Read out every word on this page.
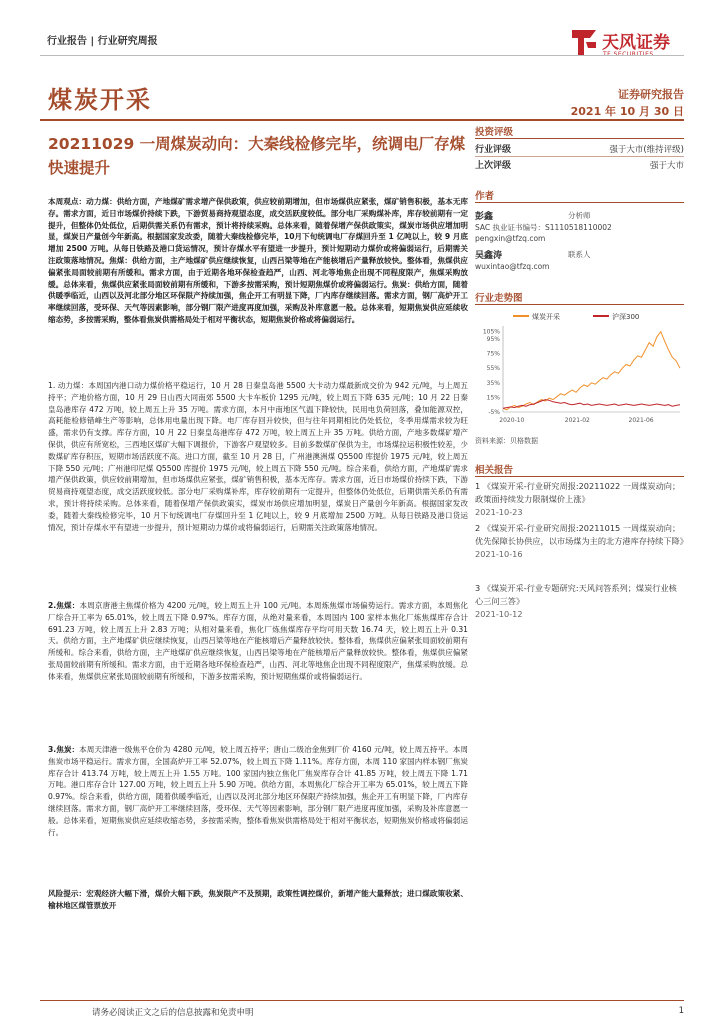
行业报告 | 行业研究周报	天风证券
煤炭开采	证券研究报告
2021 年 10 月 30 日
20211029 一周煤炭动向：大秦线检修完毕，统调电厂存煤快速提升
本周观点：动力煤：供给方面，产地煤矿需求增产保供政策，供应较前期增加，但市场煤供应紧张，煤矿销售积极，基本无库存。需求方面，近日市场煤价持续下跌，下游贸易商持观望态度，成交活跃度较低。部分电厂采购煤补库，库存较前期有一定提升，但整体仍处低位，后期供需关系仍有需求，预计将持续采购。总体来看，随着保增产保供政策实，煤炭市场供应增加明显，煤炭日产量创今年新高。根据国家发改委，随着大秦线检修完毕，10月下旬统调电厂存煤回升至 1 亿吨以上，较 9 月底增加 2500 万吨。从每日铁路及港口货运情况，预计存煤水平有望进一步提升，预计短期动力煤价或将偏弱运行，后期需关注政策落地情况。焦煤：供给方面，主产地煤矿供应继续恢复，山西吕梁等地在产能核增后产量释放较快。整体看，焦煤供应偏紧张局面较前期有所缓和。需求方面，由于近期各地环保检查趋严，山西、河北等地焦企出现不同程度限产，焦煤采购放缓。总体来看，焦煤供应紧张局面较前期有所缓和，下游多按需采购，预计短期焦煤价或将偏弱运行。焦炭：供给方面，随着供暖季临近，山西以及河北部分地区环保限产持续加强，焦企开工有明显下降，厂内库存继续回落。需求方面，钢厂高炉开工率继续回落，受环保、天气等因素影响，部分钢厂限产进度再度加强，采购及补库意愿一般。总体来看，短期焦炭供应延续收缩态势，多按需采购，整体看焦炭供需格局处于相对平衡状态，短期焦炭价格或将偏弱运行。
1. 动力煤：本周国内港口动力煤价格平稳运行，10 月 28 日秦皇岛港 5500 大卡动力煤最新成交价为 942 元/吨，与上周五持平；产地价格方面，10 月 29 日山西大同南郊 5500 大卡车板价 1295 元/吨，较上周五下降 635 元/吨；10 月 22 日秦皇岛港库存 472 万吨，较上周五上升 35 万吨。需求方面，本月中南地区气温下降较快，民用电负荷回落，叠加能源双控，高耗能检修错峰生产等影响，总体用电量出现下降。电厂库存回升较快，但与往年同期相比仍处低位，冬季用煤需求较为旺盛，需求仍有支撑。库存方面，10 月 22 日秦皇岛港库存 472 万吨，较上周五上升 35 万吨。供给方面，产地多数煤矿增产保供，供应有所宽松，三西地区煤矿大幅下调报价，下游客户观望较多。目前多数煤矿保供为主，市场煤拉运积极性较差，少数煤矿库存积压，短期市场活跃度不高。进口方面，截至 10 月 28 日，广州港澳洲煤 Q5500 库提价 1975 元/吨，较上周五下降 550 元/吨；广州港印尼煤 Q5500 库提价 1975 元/吨，较上周五下降 550 元/吨。综合来看，供给方面，产地煤矿需求增产保供政策，供应较前期增加，但市场煤供应紧张，煤矿销售积极，基本无库存。需求方面，近日市场煤价持续下跌，下游贸易商持观望态度，成交活跃度较低。部分电厂采购煤补库，库存较前期有一定提升，但整体仍处低位，后期供需关系仍有需求，预计将持续采购。总体来看，随着保增产保供政策实，煤炭市场供应增加明显，煤炭日产量创今年新高。根据国家发改委，随着大秦线检修完毕，10 月下旬统调电厂存煤回升至 1 亿吨以上，较 9 月底增加 2500 万吨。从每日铁路及港口货运情况，预计存煤水平有望进一步提升，预计短期动力煤价或将偏弱运行，后期需关注政策落地情况。
2.焦煤：本周京唐港主焦煤价格为 4200 元/吨，较上周五上升 100 元/吨。本周炼焦煤市场偏势运行。需求方面，本周焦化厂综合开工率为 65.01%，较上周五下降 0.97%。库存方面，从绝对量来看，本周国内 100 家样本焦化厂炼焦煤库存合计 691.23 万吨，较上周五上升 2.83 万吨；从相对量来看，焦化厂炼焦煤库存平均可用天数 16.74 天，较上周五上升 0.31 天。供给方面，主产地煤矿供应继续恢复，山西吕梁等地在产能核增后产量释放较快。整体看，焦煤供应偏紧张局面较前期有所缓和。综合来看，供给方面，主产地煤矿供应继续恢复，山西吕梁等地在产能核增后产量释放较快。整体看，焦煤供应偏紧张局面较前期有所缓和。需求方面，由于近期各地环保检查趋严，山西、河北等地焦企出现不同程度限产，焦煤采购放缓。总体来看，焦煤供应紧张局面较前期有所缓和，下游多按需采购，预计短期焦煤价或将偏弱运行。
3.焦炭：本周天津港一级焦平仓价为 4280 元/吨，较上周五持平；唐山二级冶金焦到厂价 4160 元/吨，较上周五持平。本周焦炭市场平稳运行。需求方面，全国高炉开工率 52.07%，较上周五下降 1.11%。库存方面，本周 110 家国内样本钢厂焦炭库存合计 413.74 万吨，较上周五上升 1.55 万吨。100 家国内独立焦化厂焦炭库存合计 41.85 万吨，较上周五下降 1.71 万吨。港口库存合计 127.00 万吨，较上周五上升 5.90 万吨。供给方面，本周焦化厂综合开工率为 65.01%，较上周五下降 0.97%。综合来看，供给方面，随着供暖季临近，山西以及河北部分地区环保限产持续加强，焦企开工有明显下降，厂内库存继续回落。需求方面，钢厂高炉开工率继续回落，受环保、天气等因素影响，部分钢厂限产进度再度加强，采购及补库意愿一般。总体来看，短期焦炭供应延续收缩态势，多按需采购，整体看焦炭供需格局处于相对平衡状态，短期焦炭价格或将偏弱运行。
风险提示：宏观经济大幅下滑，煤价大幅下跌，焦炭限产不及预期，政策性调控煤价，新增产能大量释放；进口煤政策收紧、榆林地区煤管票放开
投资评级
行业评级	强于大市(维持评级)
上次评级	强于大市
作者
彭鑫	分析师
SAC 执业证书编号：S1110518110002
pengxin@tfzq.com
吴鑫涛	联系人
wuxintao@tfzq.com
行业走势图
煤炭开采	沪深300
-5%
15%
35%
55%
75%
95%
105%
2020-10	2021-02	2021-06
资料来源：贝格数据
相关报告
1 《煤炭开采-行业研究周报:20211022 一周煤炭动向；政策面持续发力限制煤价上涨》
2021-10-23
2 《煤炭开采-行业研究周报:20211015 一周煤炭动向；优先保障长协供应，以市场煤为主的北方港库存持续下降》
2021-10-16
3 《煤炭开采-行业专题研究:天风问答系列；煤炭行业核心三问三答》
2021-10-12
请务必阅读正文之后的信息披露和免责申明	1
